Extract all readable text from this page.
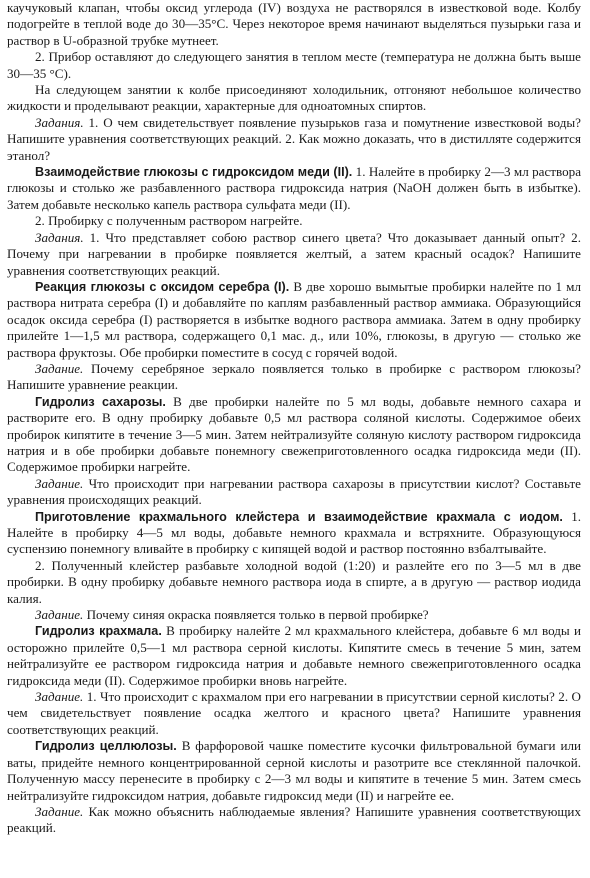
каучуковый клапан, чтобы оксид углерода (IV) воздуха не растворялся в известковой воде. Колбу подогрейте в теплой воде до 30—35°С. Через некоторое время начинают выделяться пузырьки газа и раствор в U-образной трубке мутнеет.

2. Прибор оставляют до следующего занятия в теплом месте (температура не должна быть выше 30—35 °С).

На следующем занятии к колбе присоединяют холодильник, отгоняют небольшое количество жидкости и проделывают реакции, характерные для одноатомных спиртов.

Задания. 1. О чем свидетельствует появление пузырьков газа и помутнение известковой воды? Напишите уравнения соответствующих реакций. 2. Как можно доказать, что в дистилляте содержится этанол?

Взаимодействие глюкозы с гидроксидом меди (II). 1. Налейте в пробирку 2—3 мл раствора глюкозы и столько же разбавленного раствора гидроксида натрия (NaOH должен быть в избытке). Затем добавьте несколько капель раствора сульфата меди (II).

2. Пробирку с полученным раствором нагрейте.

Задания. 1. Что представляет собою раствор синего цвета? Что доказывает данный опыт? 2. Почему при нагревании в пробирке появляется желтый, а затем красный осадок? Напишите уравнения соответствующих реакций.

Реакция глюкозы с оксидом серебра (I). В две хорошо вымытые пробирки налейте по 1 мл раствора нитрата серебра (I) и добавляйте по каплям разбавленный раствор аммиака. Образующийся осадок оксида серебра (I) растворяется в избытке водного раствора аммиака. Затем в одну пробирку прилейте 1—1,5 мл раствора, содержащего 0,1 мас. д., или 10%, глюкозы, в другую — столько же раствора фруктозы. Обе пробирки поместите в сосуд с горячей водой.

Задание. Почему серебряное зеркало появляется только в пробирке с раствором глюкозы? Напишите уравнение реакции.

Гидролиз сахарозы. В две пробирки налейте по 5 мл воды, добавьте немного сахара и растворите его. В одну пробирку добавьте 0,5 мл раствора соляной кислоты. Содержимое обеих пробирок кипятите в течение 3—5 мин. Затем нейтрализуйте соляную кислоту раствором гидроксида натрия и в обе пробирки добавьте понемногу свежеприготовленного осадка гидроксида меди (II). Содержимое пробирки нагрейте.

Задание. Что происходит при нагревании раствора сахарозы в присутствии кислот? Составьте уравнения происходящих реакций.

Приготовление крахмального клейстера и взаимодействие крахмала с иодом. 1. Налейте в пробирку 4—5 мл воды, добавьте немного крахмала и встряхните. Образующуюся суспензию понемногу вливайте в пробирку с кипящей водой и раствор постоянно взбалтывайте.

2. Полученный клейстер разбавьте холодной водой (1:20) и разлейте его по 3—5 мл в две пробирки. В одну пробирку добавьте немного раствора иода в спирте, а в другую — раствор иодида калия.

Задание. Почему синяя окраска появляется только в первой пробирке?

Гидролиз крахмала. В пробирку налейте 2 мл крахмального клейстера, добавьте 6 мл воды и осторожно прилейте 0,5—1 мл раствора серной кислоты. Кипятите смесь в течение 5 мин, затем нейтрализуйте ее раствором гидроксида натрия и добавьте немного свежеприготовленного осадка гидроксида меди (II). Содержимое пробирки вновь нагрейте.

Задание. 1. Что происходит с крахмалом при его нагревании в присутствии серной кислоты? 2. О чем свидетельствует появление осадка желтого и красного цвета? Напишите уравнения соответствующих реакций.

Гидролиз целлюлозы. В фарфоровой чашке поместите кусочки фильтровальной бумаги или ваты, придейте немного концентрированной серной кислоты и разотрите все стеклянной палочкой. Полученную массу перенесите в пробирку с 2—3 мл воды и кипятите в течение 5 мин. Затем смесь нейтрализуйте гидроксидом натрия, добавьте гидроксид меди (II) и нагрейте ее.

Задание. Как можно объяснить наблюдаемые явления? Напишите уравнения соответствующих реакций.
